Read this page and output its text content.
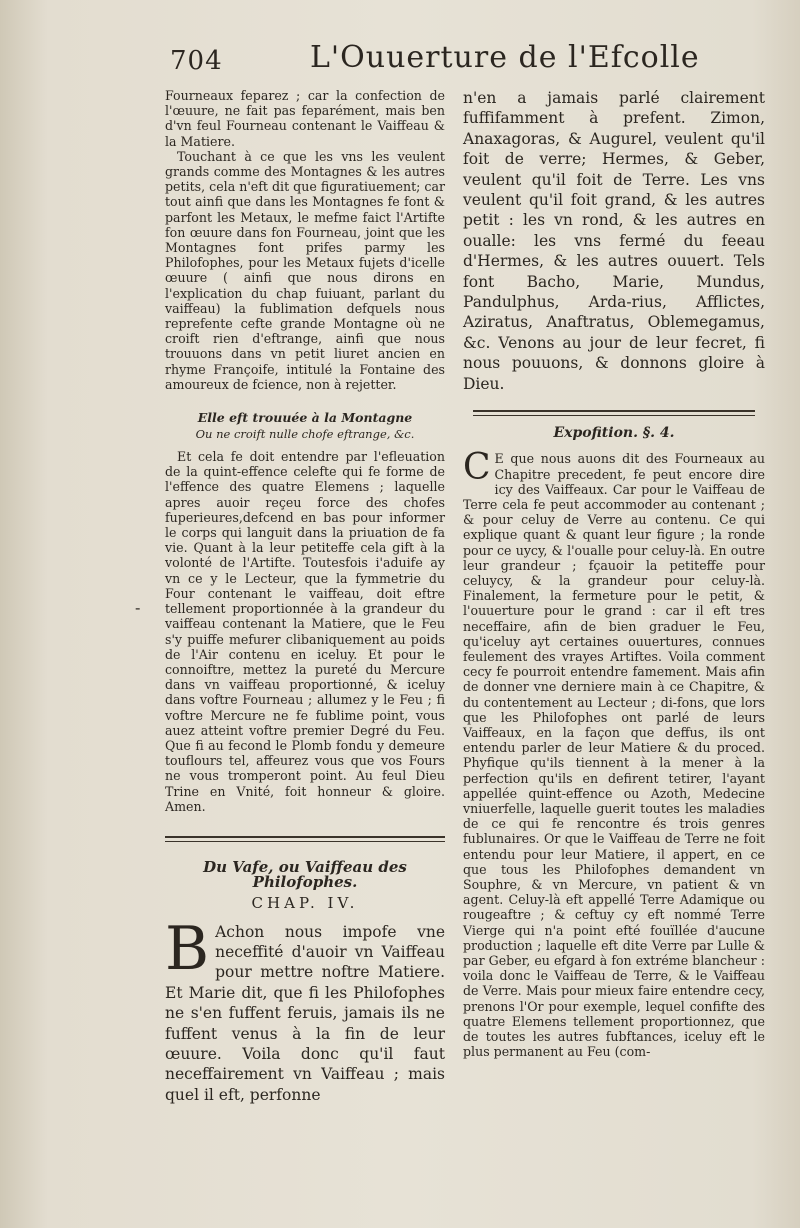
704	L'Ouuerture de l'Efcolle
-

Fourneaux feparez ; car la confection de l'œuure, ne fait pas feparément, mais ben d'vn feul Fourneau contenant le Vaiffeau & la Matiere.

Touchant à ce que les vns les veulent grands comme des Montagnes & les autres petits, cela n'eft dit que figuratiuement; car tout ainfi que dans les Montagnes fe font & parfont les Metaux, le mefme faict l'Artifte fon œuure dans fon Fourneau, joint que les Montagnes font prifes parmy les Philofophes, pour les Metaux fujets d'icelle œuure ( ainfi que nous dirons en l'explication du chap fuiuant, parlant du vaiffeau) la fublimation defquels nous reprefente cefte grande Montagne où ne croift rien d'eftrange, ainfi que nous trouuons dans vn petit liuret ancien en rhyme Françoife, intitulé la Fontaine des amoureux de fcience, non à rejetter.

Elle eft trouuée à la Montagne

Ou ne croift nulle chofe eftrange, &c.

Et cela fe doit entendre par l'efleuation de la quint-effence celefte qui fe forme de l'effence des quatre Elemens ; laquelle apres auoir reçeu force des chofes fuperieures,defcend en bas pour informer le corps qui languit dans la priuation de fa vie. Quant à la leur petiteffe cela gift à la volonté de l'Artifte. Toutesfois i'aduife ay vn ce y le Lecteur, que la fymmetrie du Four contenant le vaiffeau, doit eftre tellement proportionnée à la grandeur du vaiffeau contenant la Matiere, que le Feu s'y puiffe mefurer clibaniquement au poids de l'Air contenu en iceluy. Et pour le connoiftre, mettez la pureté du Mercure dans vn vaiffeau proportionné, & iceluy dans voftre Fourneau ; allumez y le Feu ; fi voftre Mercure ne fe fublime point, vous auez atteint voftre premier Degré du Feu. Que fi au fecond le Plomb fondu y demeure touflours tel, affeurez vous que vos Fours ne vous tromperont point. Au feul Dieu Trine en Vnité, foit honneur & gloire. Amen.

Du Vafe, ou Vaiffeau des Philofophes.

CHAP. IV.

B Achon nous impofe vne neceffité d'auoir vn Vaiffeau pour mettre noftre Matiere. Et Marie dit, que fi les Philofophes ne s'en fuffent feruis, jamais ils ne fuffent venus à la fin de leur œuure. Voila donc qu'il faut neceffairement vn Vaiffeau ; mais quel il eft, perfonne
n'en a jamais parlé clairement fuffifamment à prefent. Zimon, Anaxagoras, & Augurel, veulent qu'il foit de verre; Hermes, & Geber, veulent qu'il foit de Terre. Les vns veulent qu'il foit grand, & les autres petit : les vn rond, & les autres en oualle: les vns fermé du feeau d'Hermes, & les autres ouuert. Tels font Bacho, Marie, Mundus, Pandulphus, Arda-rius, Afflictes, Aziratus, Anaftratus, Oblemegamus, &c. Venons au jour de leur fecret, fi nous pouuons, & donnons gloire à Dieu.

Expofition. §. 4.

C E que nous auons dit des Fourneaux au Chapitre precedent, fe peut encore dire icy des Vaiffeaux. Car pour le Vaiffeau de Terre cela fe peut accommoder au contenant ; & pour celuy de Verre au contenu. Ce qui explique quant & quant leur figure ; la ronde pour ce uycy, & l'oualle pour celuy-là. En outre leur grandeur ; fçauoir la petiteffe pour celuycy, & la grandeur pour celuy-là. Finalement, la fermeture pour le petit, & l'ouuerture pour le grand : car il eft tres neceffaire, afin de bien graduer le Feu, qu'iceluy ayt certaines ouuertures, connues feulement des vrayes Artiftes. Voila comment cecy fe pourroit entendre famement. Mais afin de donner vne derniere main à ce Chapitre, & du contentement au Lecteur ; di-fons, que lors que les Philofophes ont parlé de leurs Vaiffeaux, en la façon que deffus, ils ont entendu parler de leur Matiere & du proced. Phyfique qu'ils tiennent à la mener à la perfection qu'ils en defirent tetirer, l'ayant appellée quint-effence ou Azoth, Medecine vniuerfelle, laquelle guerit toutes les maladies de ce qui fe rencontre és trois genres fublunaires. Or que le Vaiffeau de Terre ne foit entendu pour leur Matiere, il appert, en ce que tous les Philofophes demandent vn Souphre, & vn Mercure, vn patient & vn agent. Celuy-là eft appellé Terre Adamique ou rougeaftre ; & ceftuy cy eft nommé Terre Vierge qui n'a point efté fouïllée d'aucune production ; laquelle eft dite Verre par Lulle & par Geber, eu efgard à fon extréme blancheur : voila donc le Vaiffeau de Terre, & le Vaiffeau de Verre. Mais pour mieux faire entendre cecy, prenons l'Or pour exemple, lequel confifte des quatre Elemens tellement proportionnez, que de toutes les autres fubftances, iceluy eft le plus permanent au Feu (com-
